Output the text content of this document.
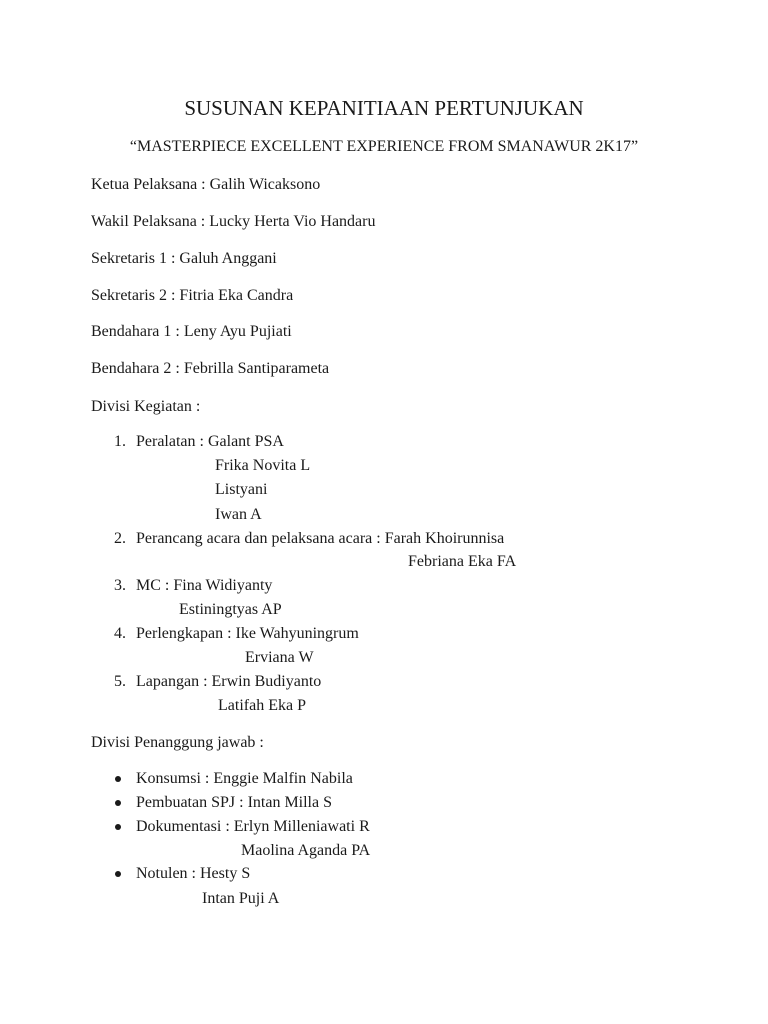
SUSUNAN KEPANITIAAN PERTUNJUKAN
“MASTERPIECE EXCELLENT EXPERIENCE FROM SMANAWUR 2K17”
Ketua Pelaksana : Galih Wicaksono
Wakil Pelaksana : Lucky Herta Vio Handaru
Sekretaris 1 : Galuh Anggani
Sekretaris 2 : Fitria Eka Candra
Bendahara 1 : Leny Ayu Pujiati
Bendahara 2 : Febrilla Santiparameta
Divisi Kegiatan :
1. Peralatan : Galant PSA
Frika Novita L
Listyani
Iwan A
2. Perancang acara dan pelaksana acara : Farah Khoirunnisa
Febriana Eka FA
3. MC : Fina Widiyanty
Estiningtyas AP
4. Perlengkapan : Ike Wahyuningrum
Erviana W
5. Lapangan : Erwin Budiyanto
Latifah Eka P
Divisi Penanggung jawab :
Konsumsi : Enggie Malfin Nabila
Pembuatan SPJ : Intan Milla S
Dokumentasi : Erlyn Milleniawati R
Maolina Aganda PA
Notulen : Hesty S
Intan Puji A
